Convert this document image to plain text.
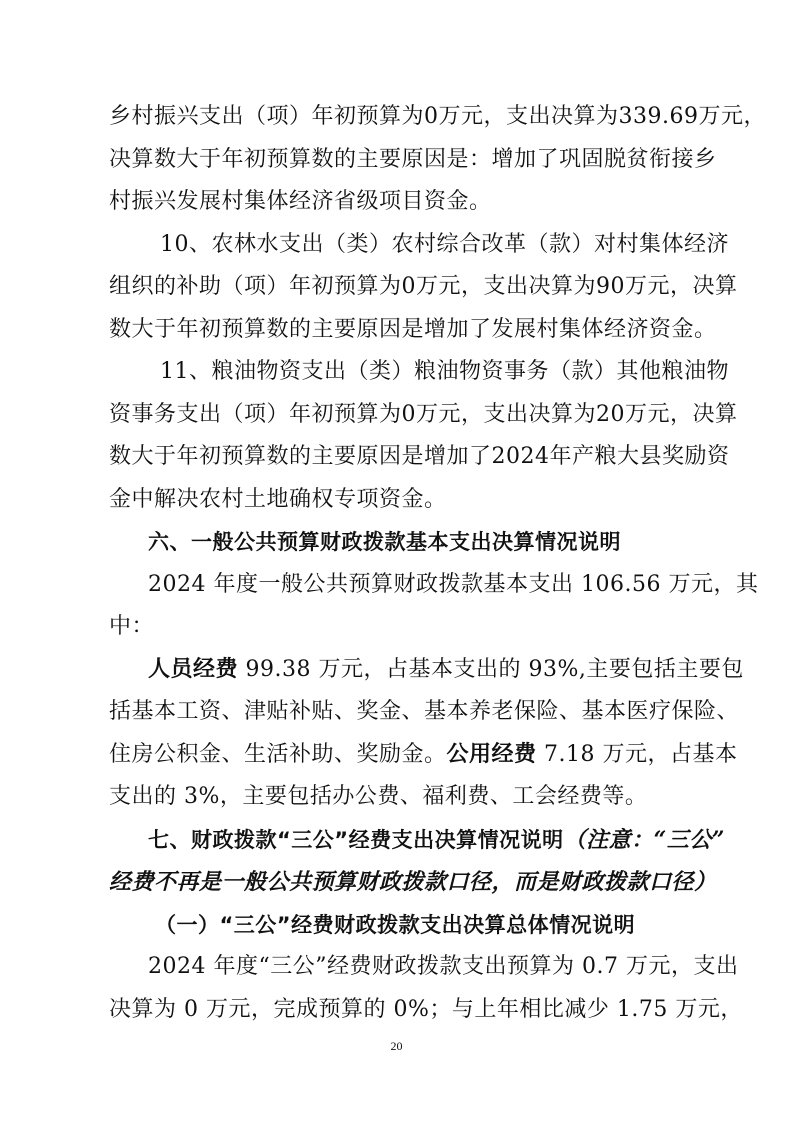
乡村振兴支出（项）年初预算为0万元，支出决算为339.69万元，
决算数大于年初预算数的主要原因是：增加了巩固脱贫衔接乡
村振兴发展村集体经济省级项目资金。
10、农林水支出（类）农村综合改革（款）对村集体经济
组织的补助（项）年初预算为0万元，支出决算为90万元，决算
数大于年初预算数的主要原因是增加了发展村集体经济资金。
11、粮油物资支出（类）粮油物资事务（款）其他粮油物
资事务支出（项）年初预算为0万元，支出决算为20万元，决算
数大于年初预算数的主要原因是增加了2024年产粮大县奖励资
金中解决农村土地确权专项资金。
六、一般公共预算财政拨款基本支出决算情况说明
2024 年度一般公共预算财政拨款基本支出 106.56 万元，其
中：
人员经费 99.38 万元，占基本支出的 93%,主要包括主要包
括基本工资、津贴补贴、奖金、基本养老保险、基本医疗保险、
住房公积金、生活补助、奖励金。公用经费 7.18 万元，占基本
支出的 3%，主要包括办公费、福利费、工会经费等。
七、财政拨款“三公”经费支出决算情况说明（注意：“三公”
经费不再是一般公共预算财政拨款口径，而是财政拨款口径）
（一）“三公”经费财政拨款支出决算总体情况说明
2024 年度“三公”经费财政拨款支出预算为 0.7 万元，支出
决算为 0 万元，完成预算的 0%；与上年相比减少 1.75 万元，
20
